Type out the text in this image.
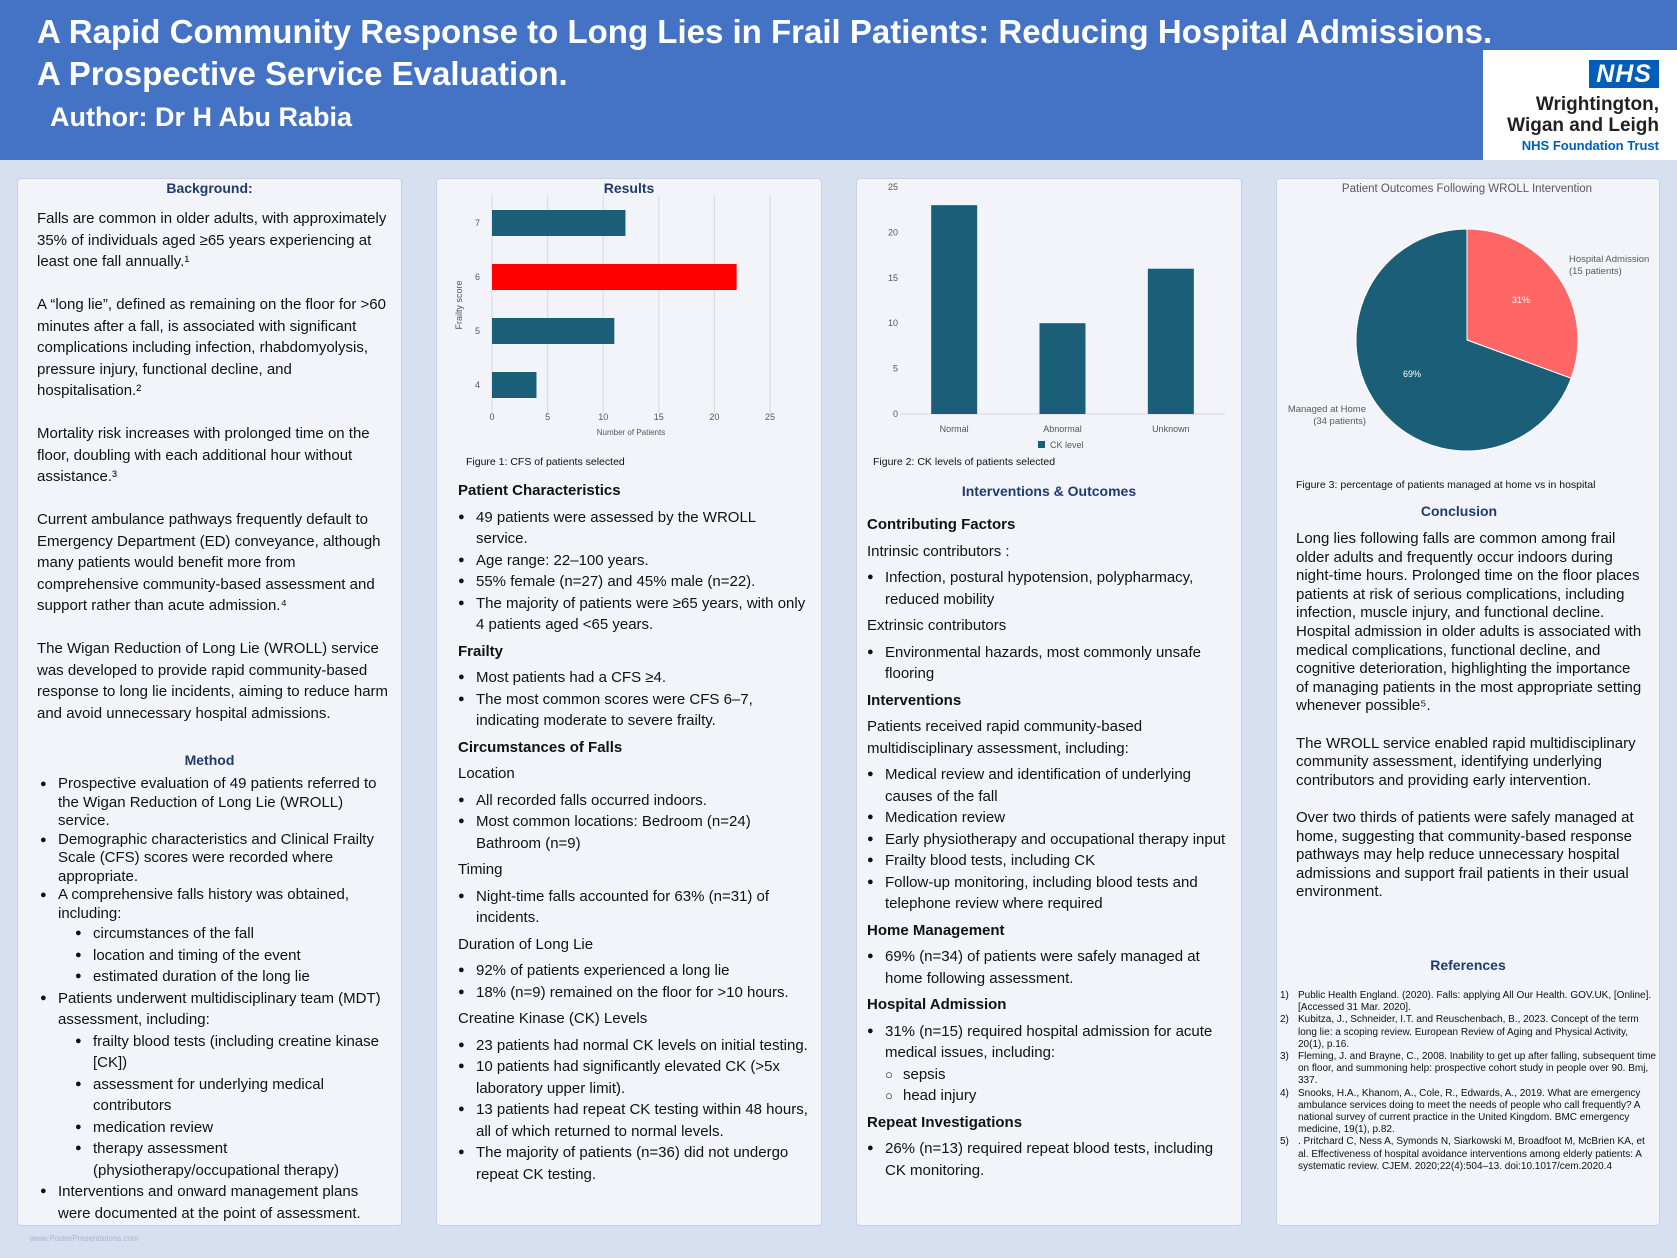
A Rapid Community Response to Long Lies in Frail Patients: Reducing Hospital Admissions.
A Prospective Service Evaluation.
Author: Dr H Abu Rabia
NHS
Wrightington,
Wigan and Leigh
NHS Foundation Trust
Background:

Falls are common in older adults, with approximately 35% of individuals aged ≥65 years experiencing at least one fall annually.¹

A “long lie”, defined as remaining on the floor for >60 minutes after a fall, is associated with significant complications including infection, rhabdomyolysis, pressure injury, functional decline, and hospitalisation.²

Mortality risk increases with prolonged time on the floor, doubling with each additional hour without assistance.³

Current ambulance pathways frequently default to Emergency Department (ED) conveyance, although many patients would benefit more from comprehensive community-based assessment and support rather than acute admission.⁴

The Wigan Reduction of Long Lie (WROLL) service was developed to provide rapid community-based response to long lie incidents, aiming to reduce harm and avoid unnecessary hospital admissions.

Method
● Prospective evaluation of 49 patients referred to the Wigan Reduction of Long Lie (WROLL) service.
● Demographic characteristics and Clinical Frailty Scale (CFS) scores were recorded where appropriate.
● A comprehensive falls history was obtained, including:
● circumstances of the fall
● location and timing of the event
● estimated duration of the long lie
● Patients underwent multidisciplinary team (MDT) assessment, including:
● frailty blood tests (including creatine kinase [CK])
● assessment for underlying medical contributors
● medication review
● therapy assessment (physiotherapy/occupational therapy)
● Interventions and onward management plans were documented at the point of assessment.
Results
0	5	10	15	20	25
7
6
5
4
Number of Patients
Frailty score
Figure 1: CFS of patients selected
Patient Characteristics
● 49 patients were assessed by the WROLL service.
● Age range: 22–100 years.
● 55% female (n=27) and 45% male (n=22).
● The majority of patients were ≥65 years, with only 4 patients aged <65 years.
Frailty
● Most patients had a CFS ≥4.
● The most common scores were CFS 6–7, indicating moderate to severe frailty.
Circumstances of Falls
Location
● All recorded falls occurred indoors.
● Most common locations: Bedroom (n=24) Bathroom (n=9)
Timing
● Night-time falls accounted for 63% (n=31) of incidents.
Duration of Long Lie
● 92% of patients experienced a long lie
● 18% (n=9) remained on the floor for >10 hours.
Creatine Kinase (CK) Levels
● 23 patients had normal CK levels on initial testing.
● 10 patients had significantly elevated CK (>5x laboratory upper limit).
● 13 patients had repeat CK testing within 48 hours, all of which returned to normal levels.
● The majority of patients (n=36) did not undergo repeat CK testing.
0
5
10
15
20
25
Normal	Abnormal	Unknown
CK level
Figure 2: CK levels of patients selected
Interventions & Outcomes
Contributing Factors
Intrinsic contributors :
● Infection, postural hypotension, polypharmacy, reduced mobility
Extrinsic contributors
● Environmental hazards, most commonly unsafe flooring
Interventions
Patients received rapid community-based multidisciplinary assessment, including:
● Medical review and identification of underlying causes of the fall
● Medication review
● Early physiotherapy and occupational therapy input
● Frailty blood tests, including CK
● Follow-up monitoring, including blood tests and telephone review where required
Home Management
● 69% (n=34) of patients were safely managed at home following assessment.
Hospital Admission
● 31% (n=15) required hospital admission for acute medical issues, including:
○ sepsis
○ head injury
Repeat Investigations
● 26% (n=13) required repeat blood tests, including CK monitoring.
Patient Outcomes Following WROLL Intervention
31%
Hospital Admission
(15 patients)
69%
Managed at Home
(34 patients)
Figure 3: percentage of patients managed at home vs in hospital
Conclusion

Long lies following falls are common among frail older adults and frequently occur indoors during night-time hours. Prolonged time on the floor places patients at risk of serious complications, including infection, muscle injury, and functional decline. Hospital admission in older adults is associated with medical complications, functional decline, and cognitive deterioration, highlighting the importance of managing patients in the most appropriate setting whenever possible⁵.

The WROLL service enabled rapid multidisciplinary community assessment, identifying underlying contributors and providing early intervention.

Over two thirds of patients were safely managed at home, suggesting that community-based response pathways may help reduce unnecessary hospital admissions and support frail patients in their usual environment.

References
1) Public Health England. (2020). Falls: applying All Our Health. GOV.UK, [Online]. [Accessed 31 Mar. 2020].
2) Kubitza, J., Schneider, I.T. and Reuschenbach, B., 2023. Concept of the term long lie: a scoping review. European Review of Aging and Physical Activity, 20(1), p.16.
3) Fleming, J. and Brayne, C., 2008. Inability to get up after falling, subsequent time on floor, and summoning help: prospective cohort study in people over 90. Bmj, 337.
4) Snooks, H.A., Khanom, A., Cole, R., Edwards, A., 2019. What are emergency ambulance services doing to meet the needs of people who call frequently? A national survey of current practice in the United Kingdom. BMC emergency medicine, 19(1), p.82.
5) . Pritchard C, Ness A, Symonds N, Siarkowski M, Broadfoot M, McBrien KA, et al. Effectiveness of hospital avoidance interventions among elderly patients: A systematic review. CJEM. 2020;22(4):504–13. doi:10.1017/cem.2020.4
www.PosterPresentations.com
